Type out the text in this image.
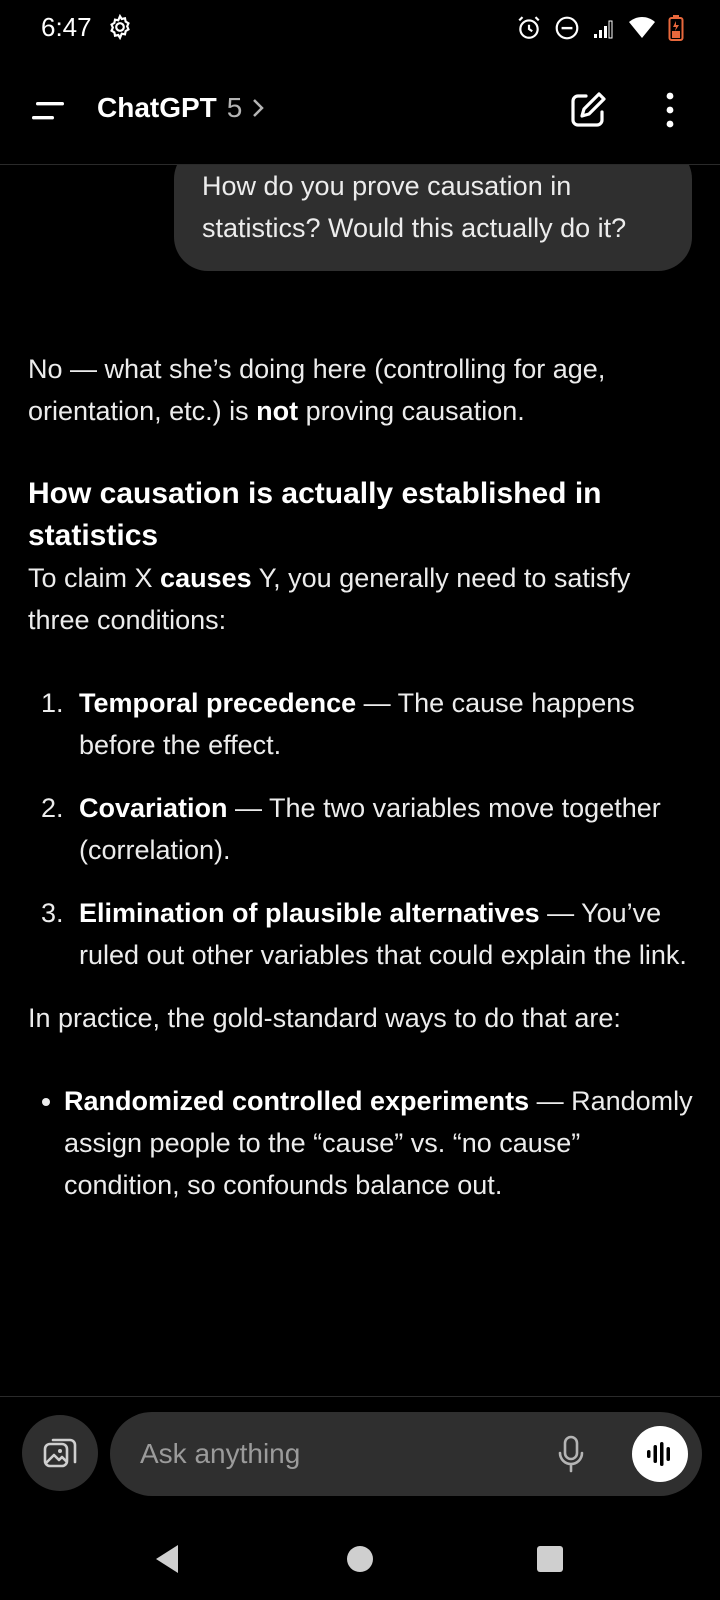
6:47
ChatGPT 5
How do you prove causation in statistics? Would this actually do it?

No — what she’s doing here (controlling for age, orientation, etc.) is not proving causation.

How causation is actually established in statistics

To claim X causes Y, you generally need to satisfy three conditions:

1. Temporal precedence — The cause happens before the effect.
2. Covariation — The two variables move together (correlation).
3. Elimination of plausible alternatives — You’ve ruled out other variables that could explain the link.

In practice, the gold-standard ways to do that are:

Randomized controlled experiments — Randomly assign people to the “cause” vs. “no cause” condition, so confounds balance out.
Ask anything
